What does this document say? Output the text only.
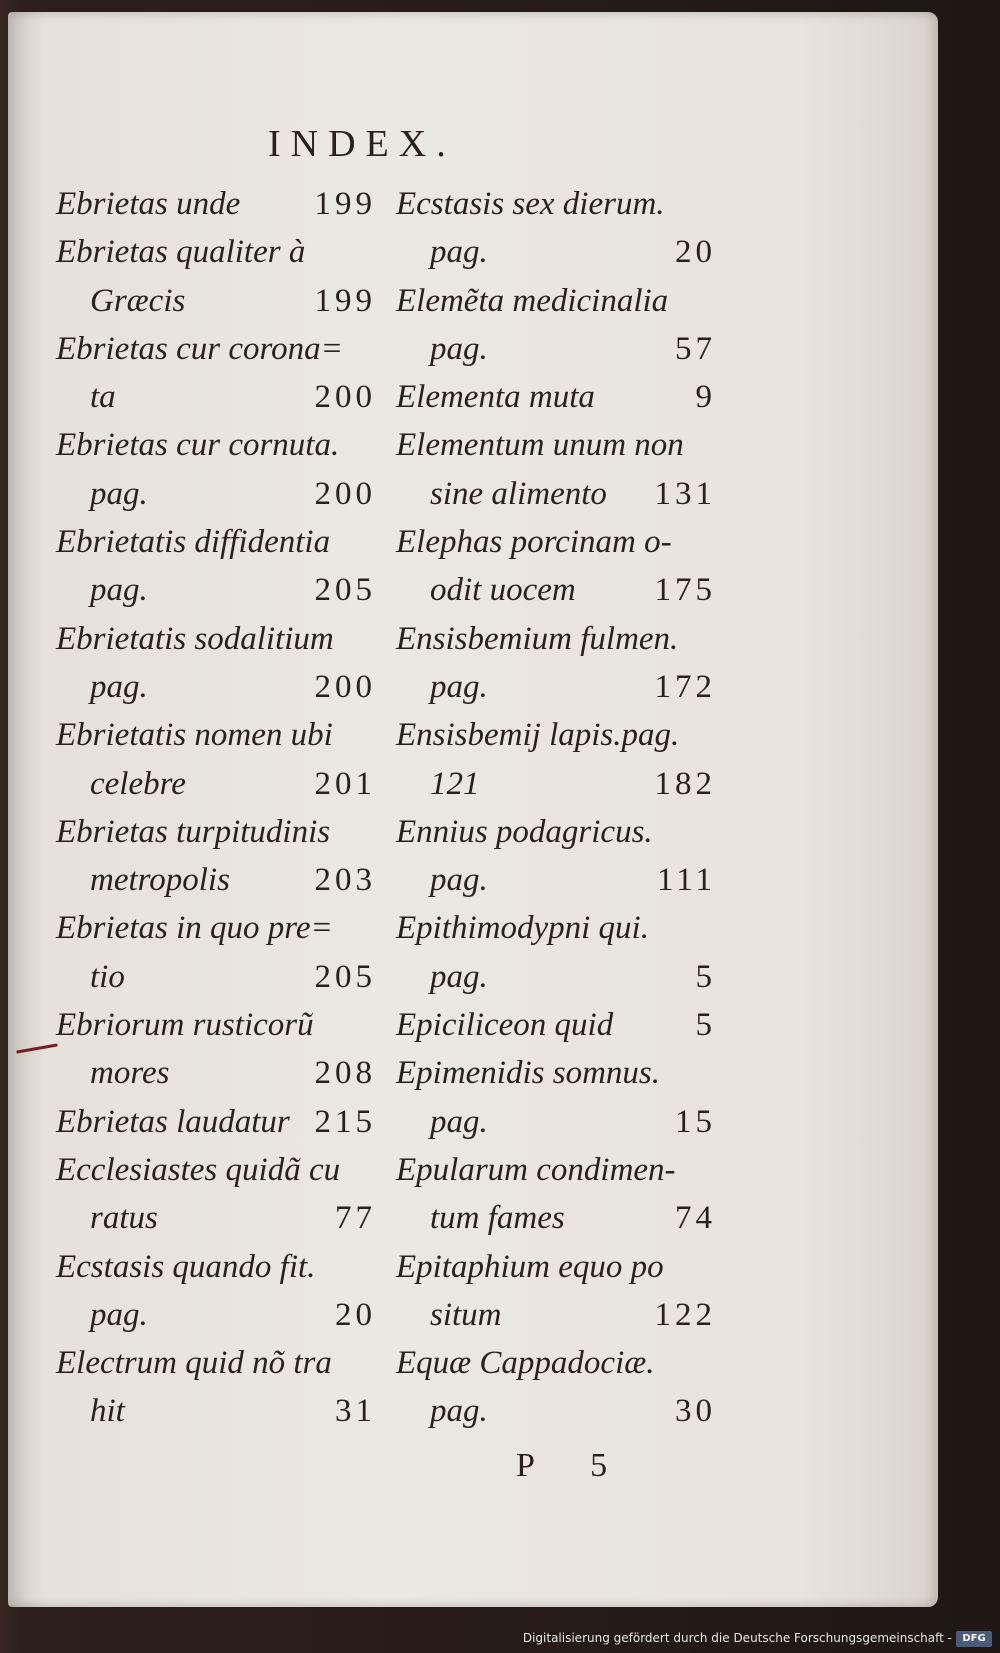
INDEX.
Ebrietas unde 199
Ebrietas qualiter à
Græcis	199
Ebrietas cur corona=
ta	200
Ebrietas cur cornuta.
pag.	200
Ebrietatis diffidentia
pag.	205
Ebrietatis sodalitium
pag.	200
Ebrietatis nomen ubi
celebre	201
Ebrietas turpitudinis
metropolis	203
Ebrietas in quo pre=
tio	205
Ebriorum rusticorũ
mores	208
Ebrietas laudatur 215
Ecclesiastes quidã cu
ratus	77
Ecstasis quando fit.
pag.	20
Electrum quid nõ tra
hit	31
Ecstasis sex dierum.
pag.	20
Elemẽta medicinalia
pag.	57
Elementa muta	9
Elementum unum non
sine alimento 131
Elephas porcinam o-
odit uocem 175
Ensisbemium fulmen.
pag.	172
Ensisbemij lapis.pag.
121	182
Ennius podagricus.
pag.	111
Epithimodypni qui.
pag.	5
Epiciliceon quid 5
Epimenidis somnus.
pag.	15
Epularum condimen-
tum fames	74
Epitaphium equo po
situm	122
Equæ Cappadociæ.
pag.	30
P 5
Digitalisierung gefördert durch die Deutsche Forschungsgemeinschaft -	DFG
